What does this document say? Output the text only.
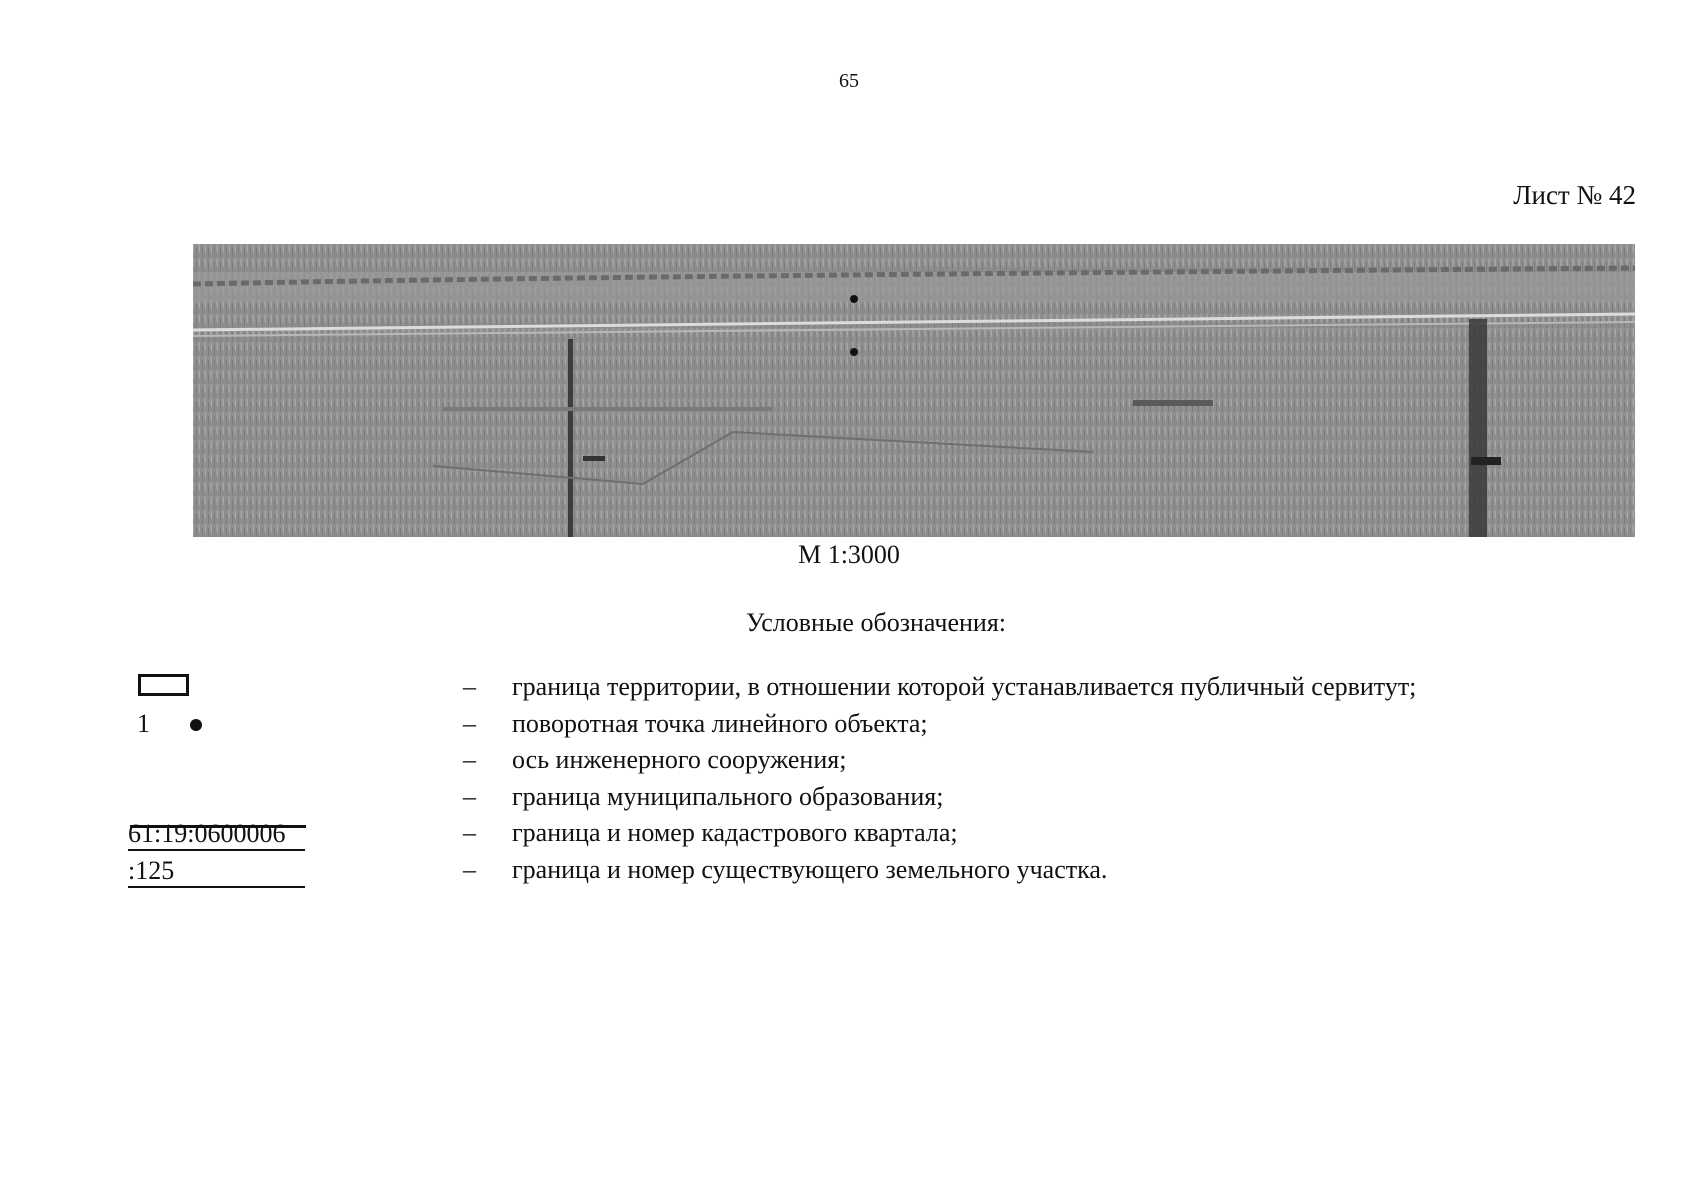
65
Лист № 42
М 1:3000
Условные обозначения:
– граница территории, в отношении которой устанавливается публичный сервитут;
1	– поворотная точка линейного объекта;
– ось инженерного сооружения;
– граница муниципального образования;
61:19:0600006	– граница и номер кадастрового квартала;
:125	– граница и номер существующего земельного участка.
